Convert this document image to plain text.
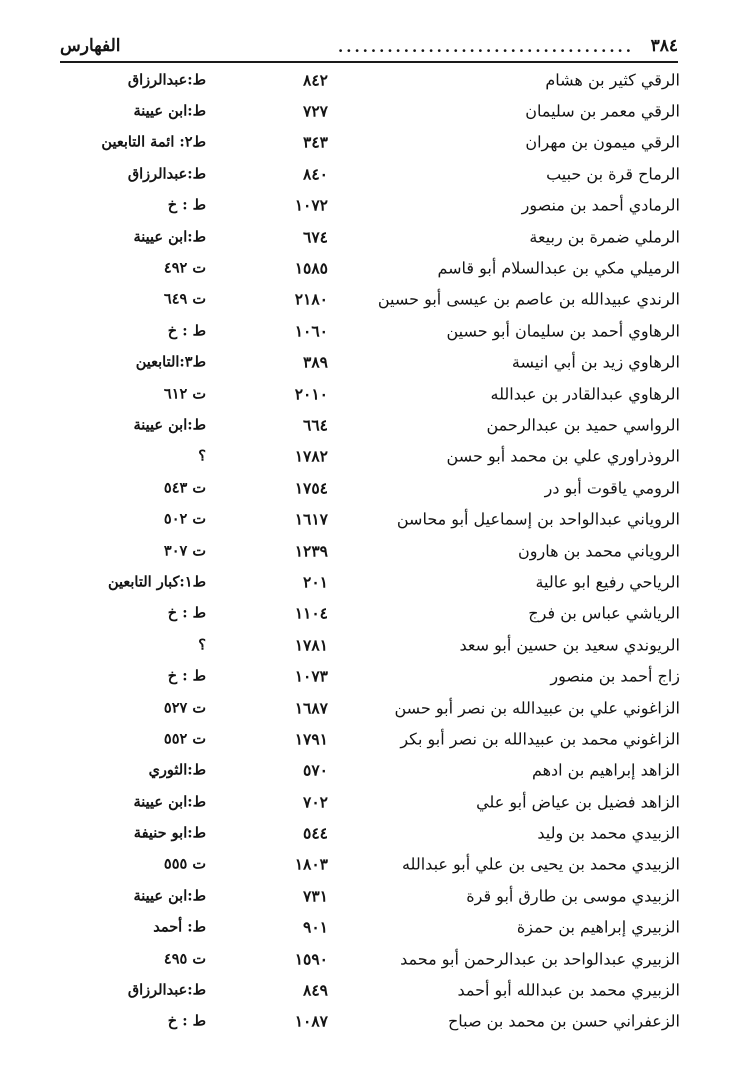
٣٨٤
....................................
الفهارس
الرقي كثير بن هشام
٨٤٢
ط:عبدالرزاق
الرقي معمر بن سليمان
٧٢٧
ط:ابن عيينة
الرقي ميمون بن مهران
٣٤٣
ط٢: ائمة التابعين
الرماح قرة بن حبيب
٨٤٠
ط:عبدالرزاق
الرمادي أحمد بن منصور
١٠٧٢
ط : خ
الرملي ضمرة بن ربيعة
٦٧٤
ط:ابن عيينة
الرميلي مكي بن عبدالسلام أبو قاسم
١٥٨٥
ت ٤٩٢
الرندي عبيدالله بن عاصم بن عيسى أبو حسين
٢١٨٠
ت ٦٤٩
الرهاوي أحمد بن سليمان أبو حسين
١٠٦٠
ط : خ
الرهاوي زيد بن أبي انيسة
٣٨٩
ط٣:التابعين
الرهاوي عبدالقادر بن عبدالله
٢٠١٠
ت ٦١٢
الرواسي حميد بن عبدالرحمن
٦٦٤
ط:ابن عيينة
الروذراوري علي بن محمد أبو حسن
١٧٨٢
؟
الرومي ياقوت أبو در
١٧٥٤
ت ٥٤٣
الروياني عبدالواحد بن إسماعيل أبو محاسن
١٦١٧
ت ٥٠٢
الروياني محمد بن هارون
١٢٣٩
ت ٣٠٧
الرياحي رفيع ابو عالية
٢٠١
ط١:كبار التابعين
الرياشي عباس بن فرج
١١٠٤
ط : خ
الريوندي سعيد بن حسين أبو سعد
١٧٨١
؟
زاج أحمد بن منصور
١٠٧٣
ط : خ
الزاغوني علي بن عبيدالله بن نصر أبو حسن
١٦٨٧
ت ٥٢٧
الزاغوني محمد بن عبيدالله بن نصر أبو بكر
١٧٩١
ت ٥٥٢
الزاهد إبراهيم بن ادهم
٥٧٠
ط:الثوري
الزاهد فضيل بن عياض أبو علي
٧٠٢
ط:ابن عيينة
الزبيدي محمد بن وليد
٥٤٤
ط:ابو حنيفة
الزبيدي محمد بن يحيى بن علي أبو عبدالله
١٨٠٣
ت ٥٥٥
الزبيدي موسى بن طارق أبو قرة
٧٣١
ط:ابن عيينة
الزبيري إبراهيم بن حمزة
٩٠١
ط: أحمد
الزبيري عبدالواحد بن عبدالرحمن أبو محمد
١٥٩٠
ت ٤٩٥
الزبيري محمد بن عبدالله أبو أحمد
٨٤٩
ط:عبدالرزاق
الزعفراني حسن بن محمد بن صباح
١٠٨٧
ط : خ
